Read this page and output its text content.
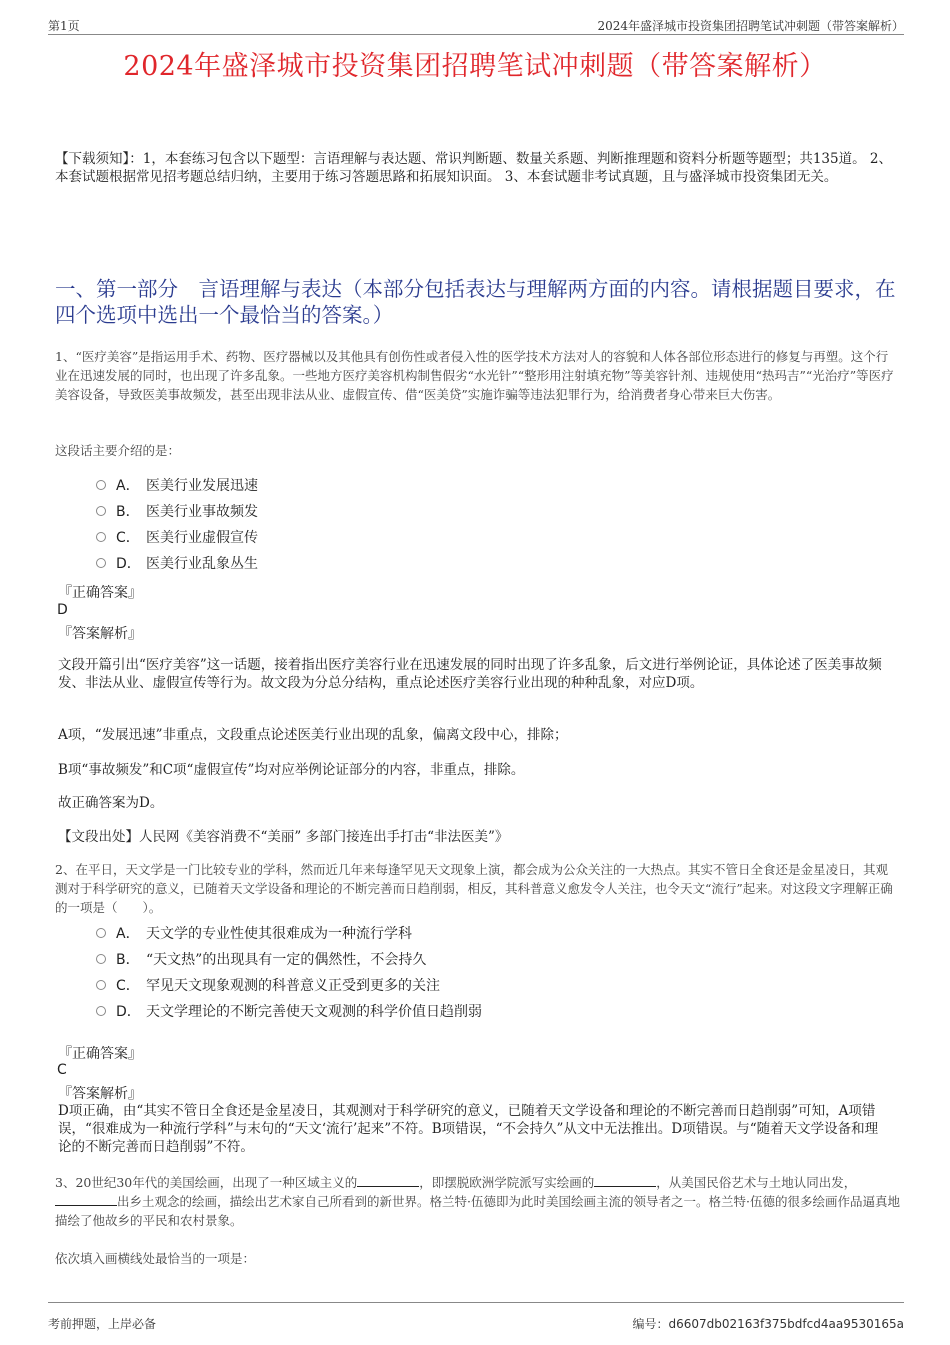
第1页	2024年盛泽城市投资集团招聘笔试冲刺题（带答案解析）
2024年盛泽城市投资集团招聘笔试冲刺题（带答案解析）
【下载须知】：1，本套练习包含以下题型：言语理解与表达题、常识判断题、数量关系题、判断推理题和资料分析题等题型；共135道。 2、本套试题根据常见招考题总结归纳，主要用于练习答题思路和拓展知识面。 3、本套试题非考试真题，且与盛泽城市投资集团无关。
一、第一部分　言语理解与表达（本部分包括表达与理解两方面的内容。请根据题目要求，在四个选项中选出一个最恰当的答案。）
1、“医疗美容”是指运用手术、药物、医疗器械以及其他具有创伤性或者侵入性的医学技术方法对人的容貌和人体各部位形态进行的修复与再塑。这个行业在迅速发展的同时，也出现了许多乱象。一些地方医疗美容机构制售假劣“水光针”“整形用注射填充物”等美容针剂、违规使用“热玛吉”“光治疗”等医疗美容设备，导致医美事故频发，甚至出现非法从业、虚假宣传、借“医美贷”实施诈骗等违法犯罪行为，给消费者身心带来巨大伤害。
这段话主要介绍的是：
A． 医美行业发展迅速
B． 医美行业事故频发
C． 医美行业虚假宣传
D． 医美行业乱象丛生
『正确答案』
D
『答案解析』
文段开篇引出“医疗美容”这一话题，接着指出医疗美容行业在迅速发展的同时出现了许多乱象，后文进行举例论证，具体论述了医美事故频发、非法从业、虚假宣传等行为。故文段为分总分结构，重点论述医疗美容行业出现的种种乱象，对应D项。
A项，“发展迅速”非重点，文段重点论述医美行业出现的乱象，偏离文段中心，排除；
B项“事故频发”和C项“虚假宣传”均对应举例论证部分的内容，非重点，排除。
故正确答案为D。
【文段出处】人民网《美容消费不“美丽” 多部门接连出手打击“非法医美”》
2、在平日，天文学是一门比较专业的学科，然而近几年来每逢罕见天文现象上演，都会成为公众关注的一大热点。其实不管日全食还是金星凌日，其观测对于科学研究的意义，已随着天文学设备和理论的不断完善而日趋削弱，相反，其科普意义愈发令人关注，也令天文“流行”起来。对这段文字理解正确的一项是（　　）。
A． 天文学的专业性使其很难成为一种流行学科
B． “天文热”的出现具有一定的偶然性，不会持久
C． 罕见天文现象观测的科普意义正受到更多的关注
D． 天文学理论的不断完善使天文观测的科学价值日趋削弱
『正确答案』
C
『答案解析』
D项正确，由“其实不管日全食还是金星凌日，其观测对于科学研究的意义，已随着天文学设备和理论的不断完善而日趋削弱”可知，A项错误，“很难成为一种流行学科”与末句的“天文‘流行’起来”不符。B项错误，“不会持久”从文中无法推出。D项错误。与“随着天文学设备和理论的不断完善而日趋削弱”不符。
3、20世纪30年代的美国绘画，出现了一种区域主义的	，即摆脱欧洲学院派写实绘画的	，从美国民俗艺术与土地认同出发，出乡土观念的绘画，描绘出艺术家自己所看到的新世界。格兰特·伍德即为此时美国绘画主流的领导者之一。格兰特·伍德的很多绘画作品逼真地描绘了他故乡的平民和农村景象。
依次填入画横线处最恰当的一项是：
考前押题，上岸必备	编号：d6607db02163f375bdfcd4aa9530165a
